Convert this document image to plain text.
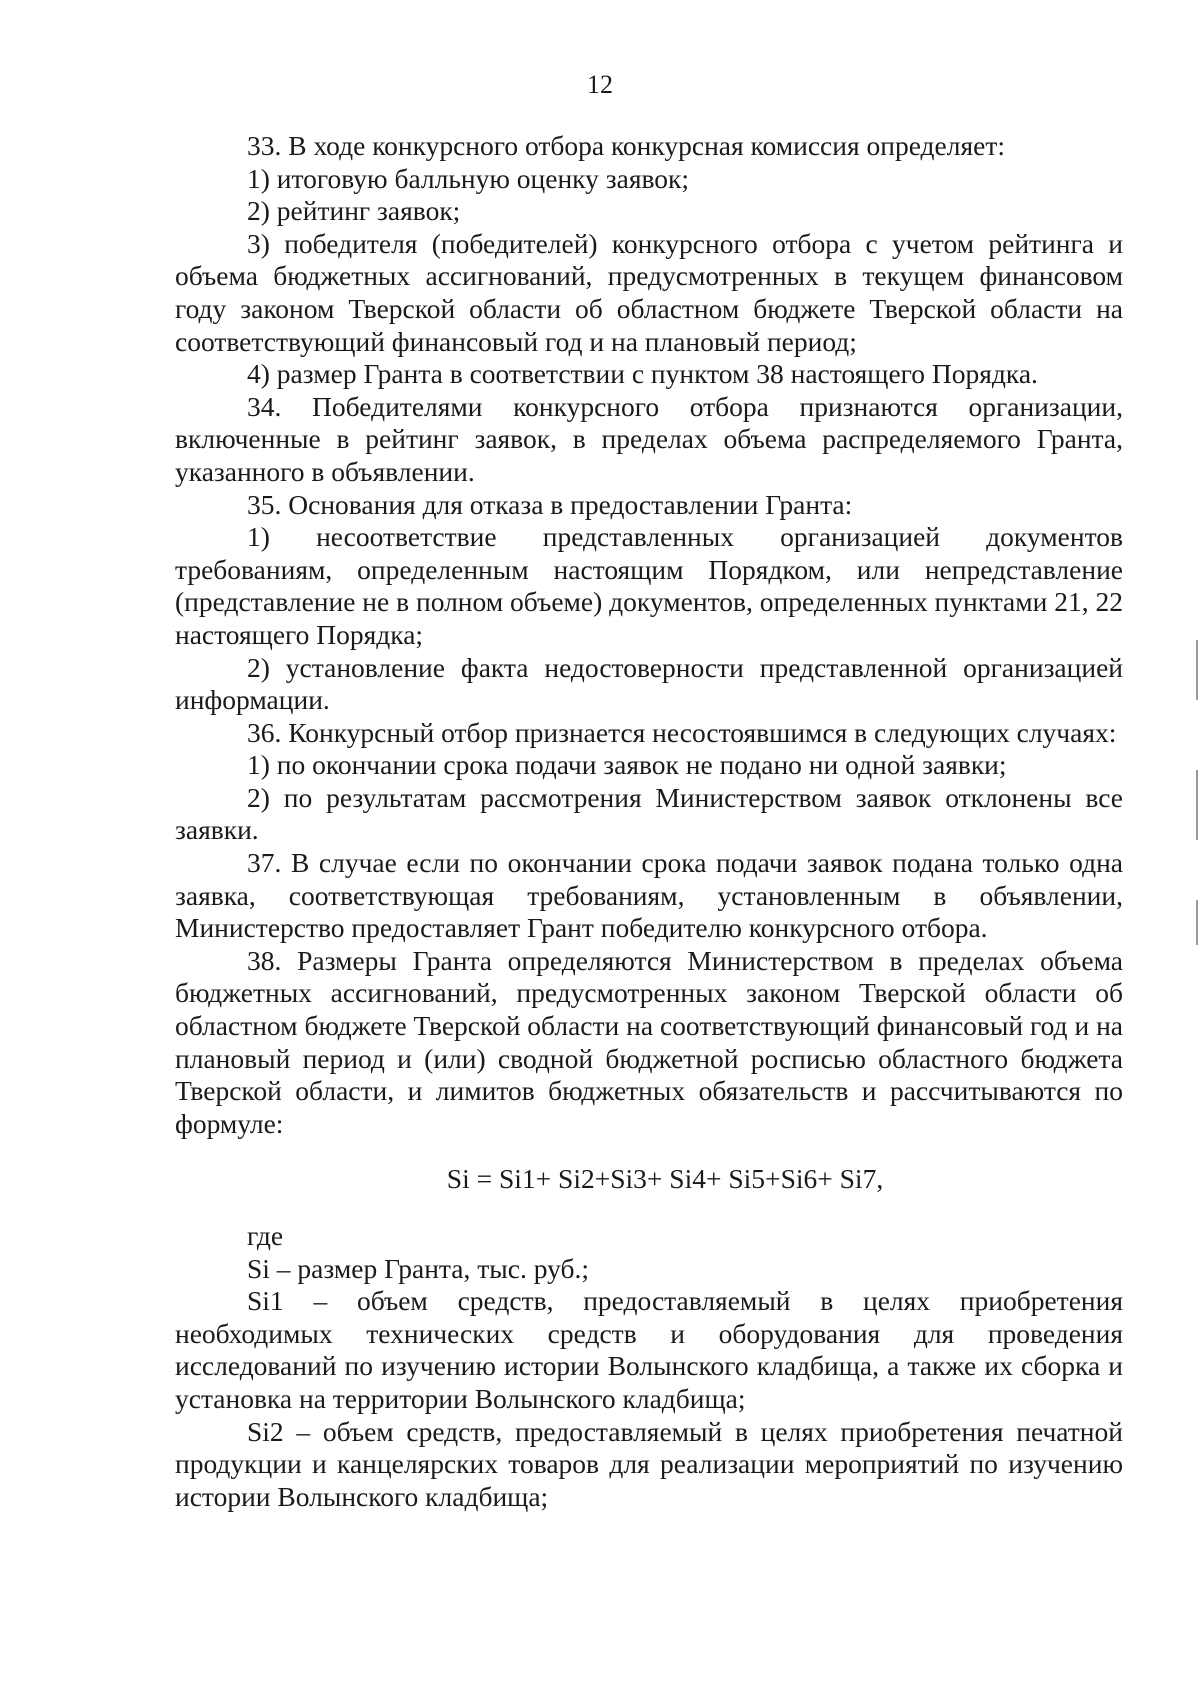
12

33. В ходе конкурсного отбора конкурсная комиссия определяет:

1) итоговую балльную оценку заявок;

2) рейтинг заявок;

3) победителя (победителей) конкурсного отбора с учетом рейтинга и объема бюджетных ассигнований, предусмотренных в текущем финансовом году законом Тверской области об областном бюджете Тверской области на соответствующий финансовый год и на плановый период;

4) размер Гранта в соответствии с пунктом 38 настоящего Порядка.

34. Победителями конкурсного отбора признаются организации, включенные в рейтинг заявок, в пределах объема распределяемого Гранта, указанного в объявлении.

35. Основания для отказа в предоставлении Гранта:

1) несоответствие представленных организацией документов требованиям, определенным настоящим Порядком, или непредставление (представление не в полном объеме) документов, определенных пунктами 21, 22 настоящего Порядка;

2) установление факта недостоверности представленной организацией информации.

36. Конкурсный отбор признается несостоявшимся в следующих случаях:

1) по окончании срока подачи заявок не подано ни одной заявки;

2) по результатам рассмотрения Министерством заявок отклонены все заявки.

37. В случае если по окончании срока подачи заявок подана только одна заявка, соответствующая требованиям, установленным в объявлении, Министерство предоставляет Грант победителю конкурсного отбора.

38. Размеры Гранта определяются Министерством в пределах объема бюджетных ассигнований, предусмотренных законом Тверской области об областном бюджете Тверской области на соответствующий финансовый год и на плановый период и (или) сводной бюджетной росписью областного бюджета Тверской области, и лимитов бюджетных обязательств и рассчитываются по формуле:

Si = Si1+ Si2+Si3+ Si4+ Si5+Si6+ Si7,

где

Si – размер Гранта, тыс. руб.;

Si1 – объем средств, предоставляемый в целях приобретения необходимых технических средств и оборудования для проведения исследований по изучению истории Волынского кладбища, а также их сборка и установка на территории Волынского кладбища;

Si2 – объем средств, предоставляемый в целях приобретения печатной продукции и канцелярских товаров для реализации мероприятий по изучению истории Волынского кладбища;
